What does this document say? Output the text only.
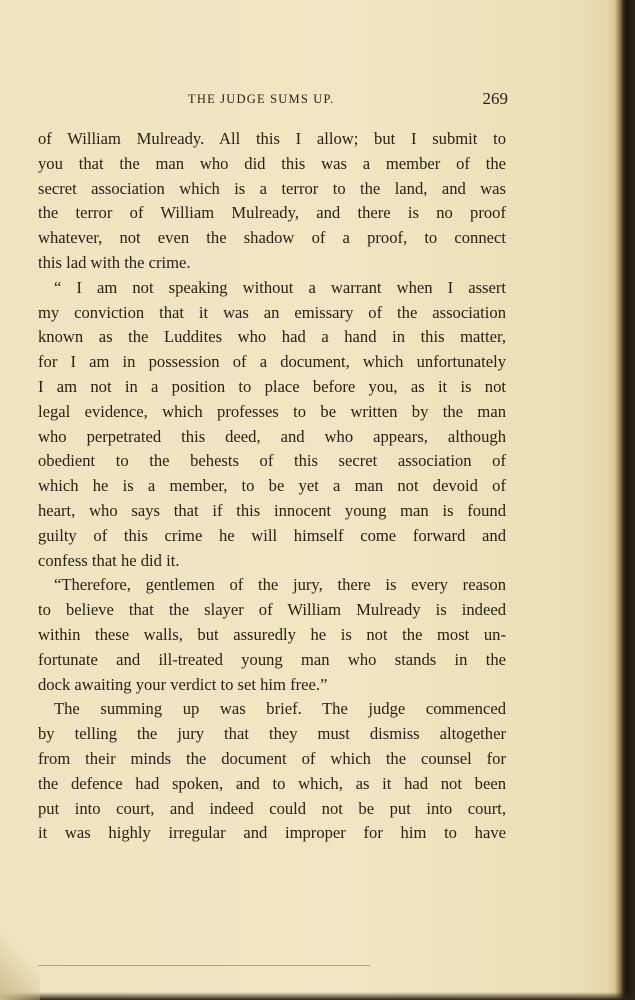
THE JUDGE SUMS UP.	269
of William Mulready. All this I allow; but I submit to
you that the man who did this was a member of the
secret association which is a terror to the land, and was
the terror of William Mulready, and there is no proof
whatever, not even the shadow of a proof, to connect
this lad with the crime.
“ I am not speaking without a warrant when I assert
my conviction that it was an emissary of the association
known as the Luddites who had a hand in this matter,
for I am in possession of a document, which unfortunately
I am not in a position to place before you, as it is not
legal evidence, which professes to be written by the man
who perpetrated this deed, and who appears, although
obedient to the behests of this secret association of
which he is a member, to be yet a man not devoid of
heart, who says that if this innocent young man is found
guilty of this crime he will himself come forward and
confess that he did it.
“Therefore, gentlemen of the jury, there is every reason
to believe that the slayer of William Mulready is indeed
within these walls, but assuredly he is not the most un-
fortunate and ill-treated young man who stands in the
dock awaiting your verdict to set him free.”
The summing up was brief. The judge commenced
by telling the jury that they must dismiss altogether
from their minds the document of which the counsel for
the defence had spoken, and to which, as it had not been
put into court, and indeed could not be put into court,
it was highly irregular and improper for him to have
